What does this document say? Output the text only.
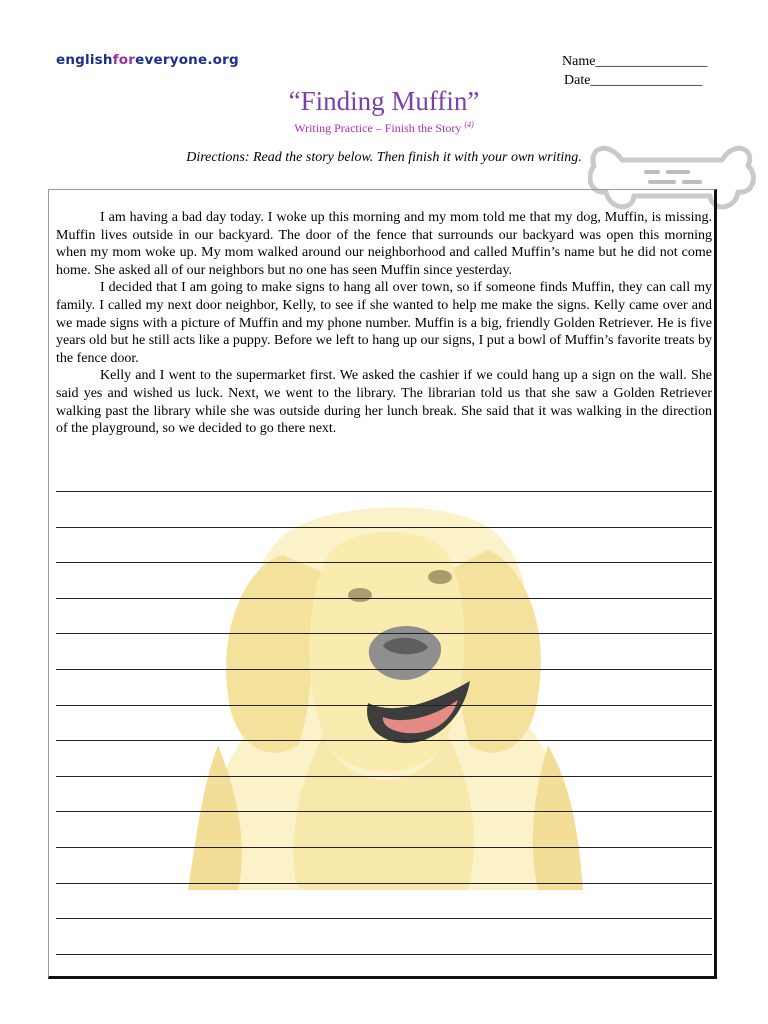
englishforeveryone.org	Name________________
Date________________
“Finding Muffin”
Writing Practice – Finish the Story $^{(4)}$
Directions: Read the story below. Then finish it with your own writing.

I am having a bad day today. I woke up this morning and my mom told me that my dog, Muffin, is missing. Muffin lives outside in our backyard. The door of the fence that surrounds our backyard was open this morning when my mom woke up. My mom walked around our neighborhood and called Muffin’s name but he did not come home. She asked all of our neighbors but no one has seen Muffin since yesterday.

I decided that I am going to make signs to hang all over town, so if someone finds Muffin, they can call my family. I called my next door neighbor, Kelly, to see if she wanted to help me make the signs. Kelly came over and we made signs with a picture of Muffin and my phone number. Muffin is a big, friendly Golden Retriever. He is five years old but he still acts like a puppy. Before we left to hang up our signs, I put a bowl of Muffin’s favorite treats by the fence door.

Kelly and I went to the supermarket first. We asked the cashier if we could hang up a sign on the wall. She said yes and wished us luck. Next, we went to the library. The librarian told us that she saw a Golden Retriever walking past the library while she was outside during her lunch break. She said that it was walking in the direction of the playground, so we decided to go there next.
